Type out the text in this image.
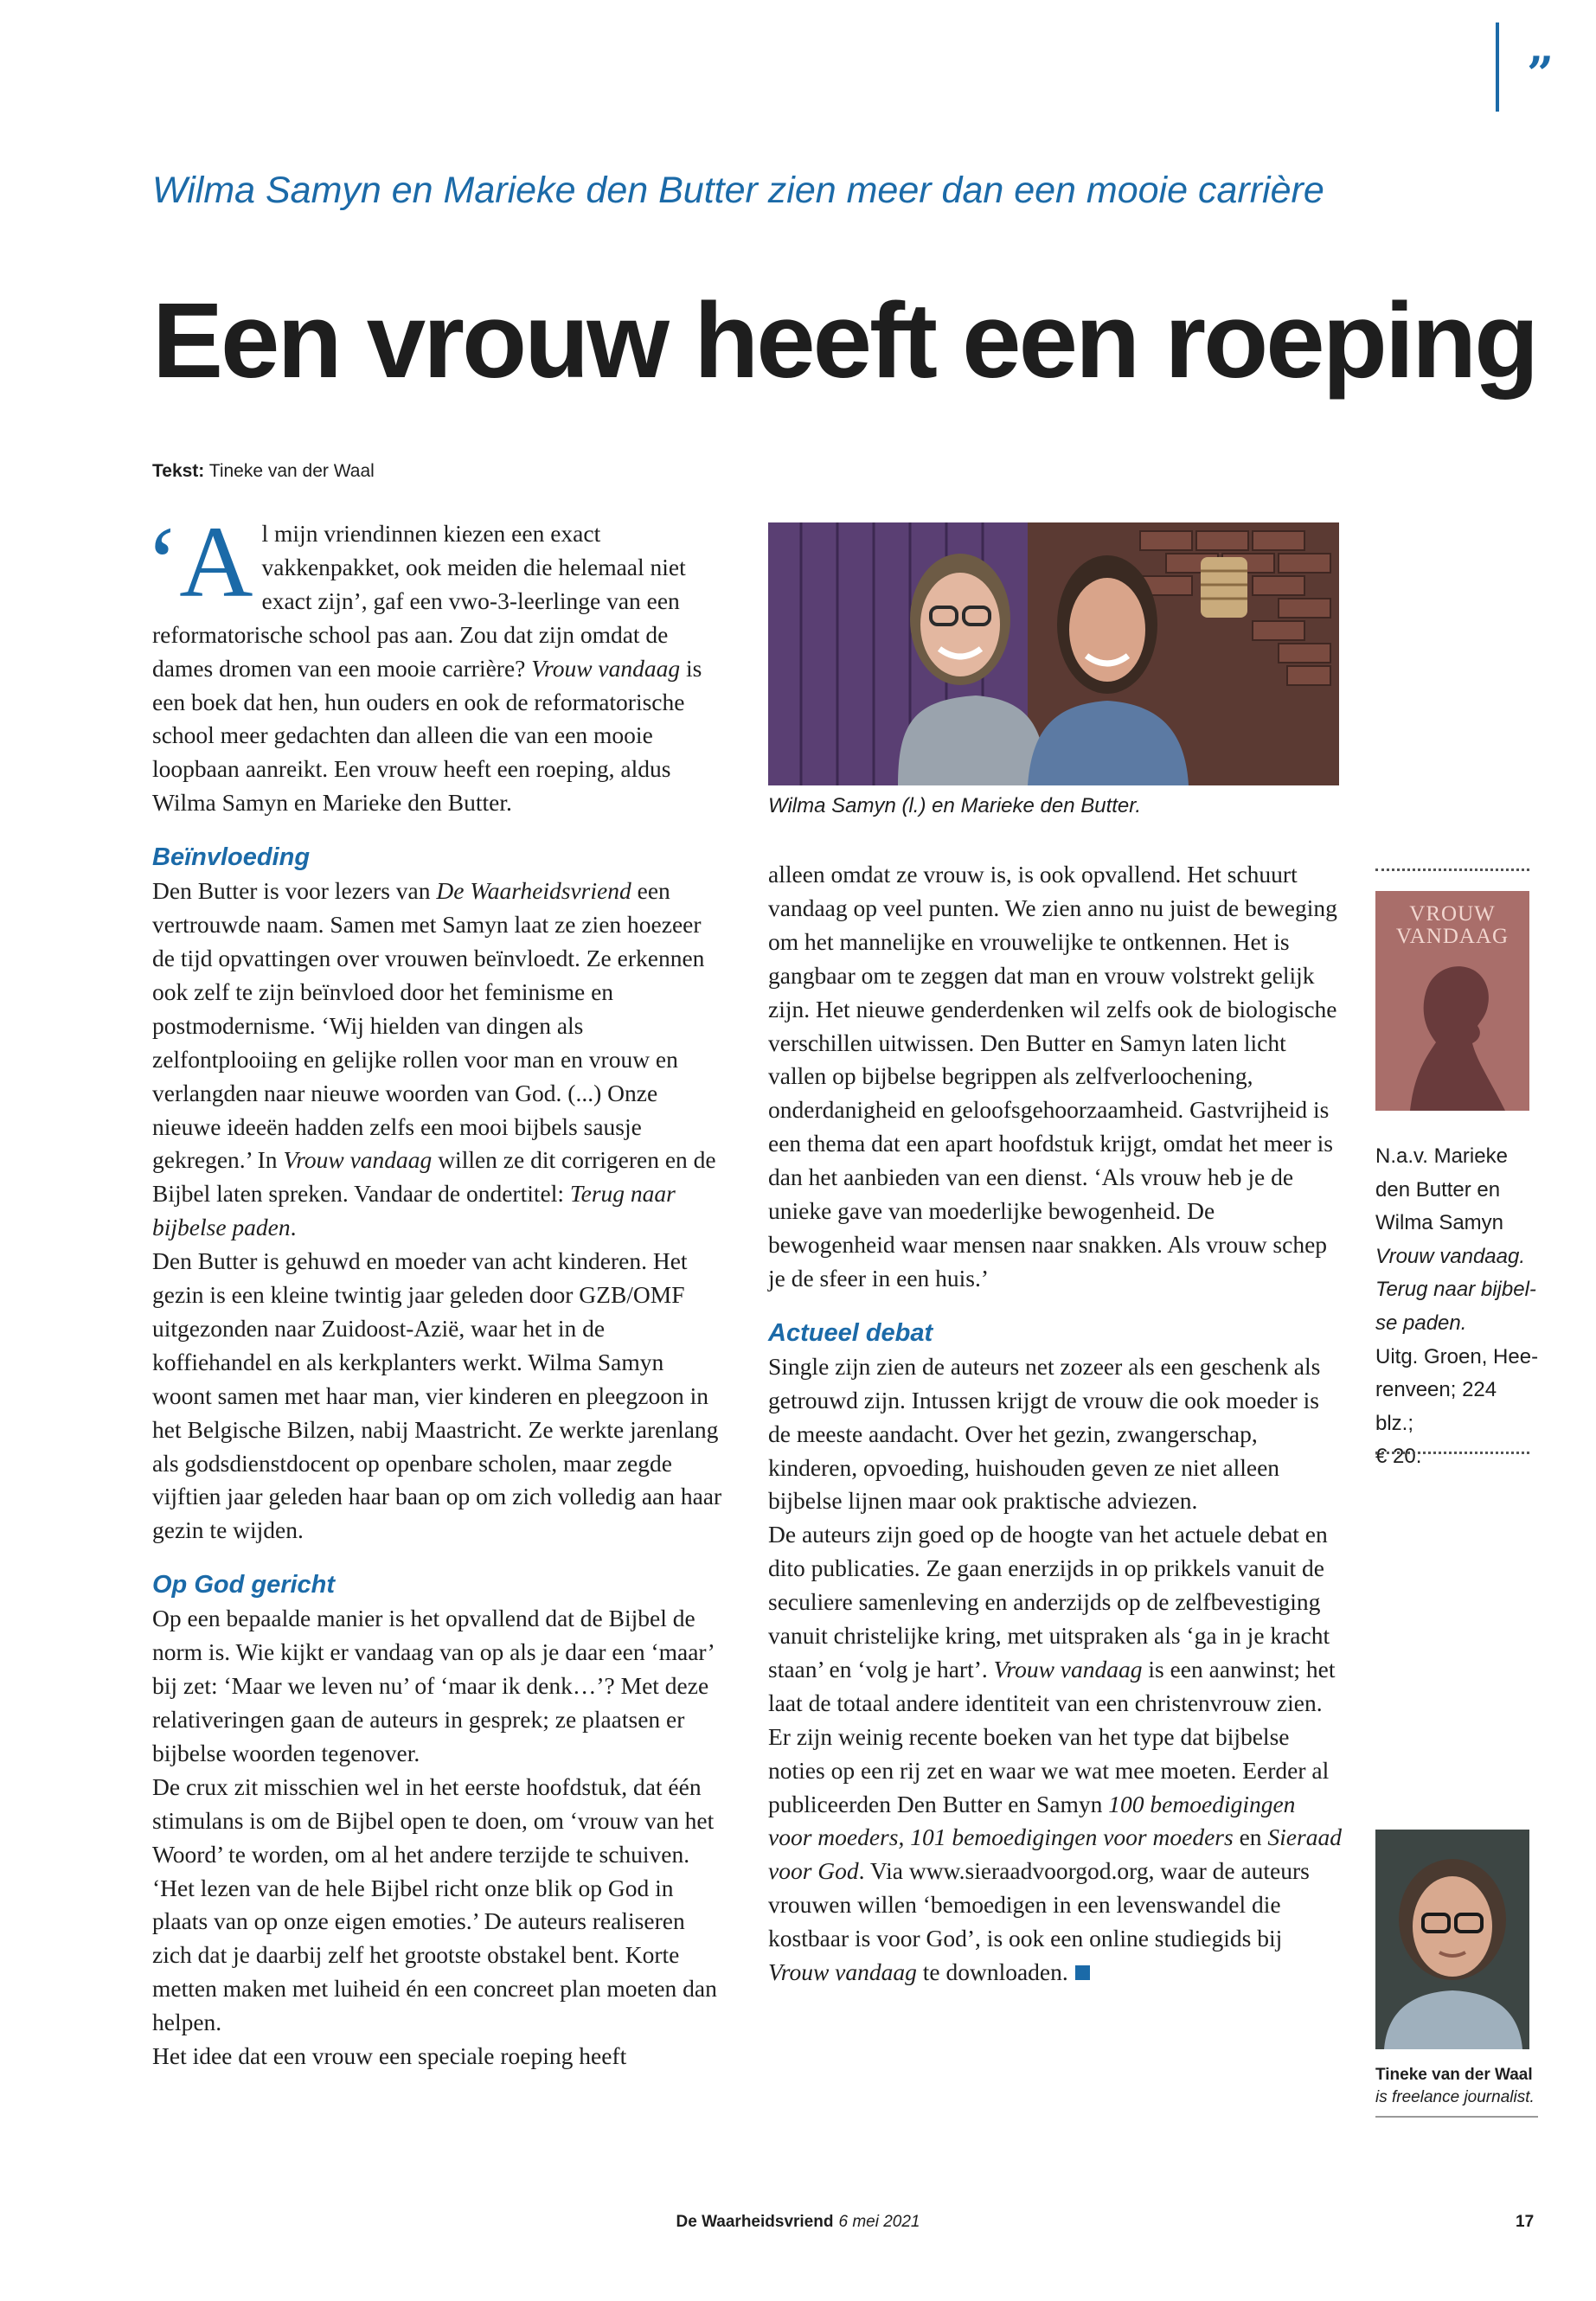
”
Wilma Samyn en Marieke den Butter zien meer dan een mooie carrière
Een vrouw heeft een roeping
Tekst: Tineke van der Waal

‘Al mijn vriendinnen kiezen een exact vakkenpakket, ook meiden die helemaal niet exact zijn’, gaf een vwo-3-leerlinge van een reformatorische school pas aan. Zou dat zijn omdat de dames dromen van een mooie carrière? Vrouw vandaag is een boek dat hen, hun ouders en ook de reformatorische school meer gedachten dan alleen die van een mooie loopbaan aanreikt. Een vrouw heeft een roeping, aldus Wilma Samyn en Marieke den Butter.

Beïnvloeding

Den Butter is voor lezers van De Waarheidsvriend een vertrouwde naam. Samen met Samyn laat ze zien hoezeer de tijd opvattingen over vrouwen beïnvloedt. Ze erkennen ook zelf te zijn beïnvloed door het feminisme en postmodernisme. ‘Wij hielden van dingen als zelfontplooiing en gelijke rollen voor man en vrouw en verlangden naar nieuwe woorden van God. (...) Onze nieuwe ideeën hadden zelfs een mooi bijbels sausje gekregen.’ In Vrouw vandaag willen ze dit corrigeren en de Bijbel laten spreken. Vandaar de ondertitel: Terug naar bijbelse paden.

Den Butter is gehuwd en moeder van acht kinderen. Het gezin is een kleine twintig jaar geleden door GZB/OMF uitgezonden naar Zuidoost-Azië, waar het in de koffiehandel en als kerkplanters werkt. Wilma Samyn woont samen met haar man, vier kinderen en pleegzoon in het Belgische Bilzen, nabij Maastricht. Ze werkte jarenlang als godsdienstdocent op openbare scholen, maar zegde vijftien jaar geleden haar baan op om zich volledig aan haar gezin te wijden.

Op God gericht

Op een bepaalde manier is het opvallend dat de Bijbel de norm is. Wie kijkt er vandaag van op als je daar een ‘maar’ bij zet: ‘Maar we leven nu’ of ‘maar ik denk…’? Met deze relativeringen gaan de auteurs in gesprek; ze plaatsen er bijbelse woorden tegenover.

De crux zit misschien wel in het eerste hoofdstuk, dat één stimulans is om de Bijbel open te doen, om ‘vrouw van het Woord’ te worden, om al het andere terzijde te schuiven. ‘Het lezen van de hele Bijbel richt onze blik op God in plaats van op onze eigen emoties.’ De auteurs realiseren zich dat je daarbij zelf het grootste obstakel bent. Korte metten maken met luiheid én een concreet plan moeten dan helpen.

Het idee dat een vrouw een speciale roeping heeft

Wilma Samyn (l.) en Marieke den Butter.

alleen omdat ze vrouw is, is ook opvallend. Het schuurt vandaag op veel punten. We zien anno nu juist de beweging om het mannelijke en vrouwelijke te ontkennen. Het is gangbaar om te zeggen dat man en vrouw volstrekt gelijk zijn. Het nieuwe genderdenken wil zelfs ook de biologische verschillen uitwissen. Den Butter en Samyn laten licht vallen op bijbelse begrippen als zelfverloochening, onderdanigheid en geloofsgehoorzaamheid. Gastvrijheid is een thema dat een apart hoofdstuk krijgt, omdat het meer is dan het aanbieden van een dienst. ‘Als vrouw heb je de unieke gave van moederlijke bewogenheid. De bewogenheid waar mensen naar snakken. Als vrouw schep je de sfeer in een huis.’

Actueel debat

Single zijn zien de auteurs net zozeer als een geschenk als getrouwd zijn. Intussen krijgt de vrouw die ook moeder is de meeste aandacht. Over het gezin, zwangerschap, kinderen, opvoeding, huishouden geven ze niet alleen bijbelse lijnen maar ook praktische adviezen.

De auteurs zijn goed op de hoogte van het actuele debat en dito publicaties. Ze gaan enerzijds in op prikkels vanuit de seculiere samenleving en anderzijds op de zelfbevestiging vanuit christelijke kring, met uitspraken als ‘ga in je kracht staan’ en ‘volg je hart’. Vrouw vandaag is een aanwinst; het laat de totaal andere identiteit van een christenvrouw zien. Er zijn weinig recente boeken van het type dat bijbelse noties op een rij zet en waar we wat mee moeten. Eerder al publiceerden Den Butter en Samyn 100 bemoedigingen voor moeders, 101 bemoedigingen voor moeders en Sieraad voor God. Via www.sieraadvoorgod.org, waar de auteurs vrouwen willen ‘bemoedigen in een levenswandel die kostbaar is voor God’, is ook een online studiegids bij Vrouw vandaag te downloaden.

VROUW
VANDAAG
N.a.v. Marieke
den Butter en
Wilma Samyn
Vrouw vandaag.
Terug naar bijbel-
se paden.
Uitg. Groen, Hee-
renveen; 224 blz.;
€ 20.
Tineke van der Waal
is freelance journalist.
De Waarheidsvriend 6 mei 2021	17
